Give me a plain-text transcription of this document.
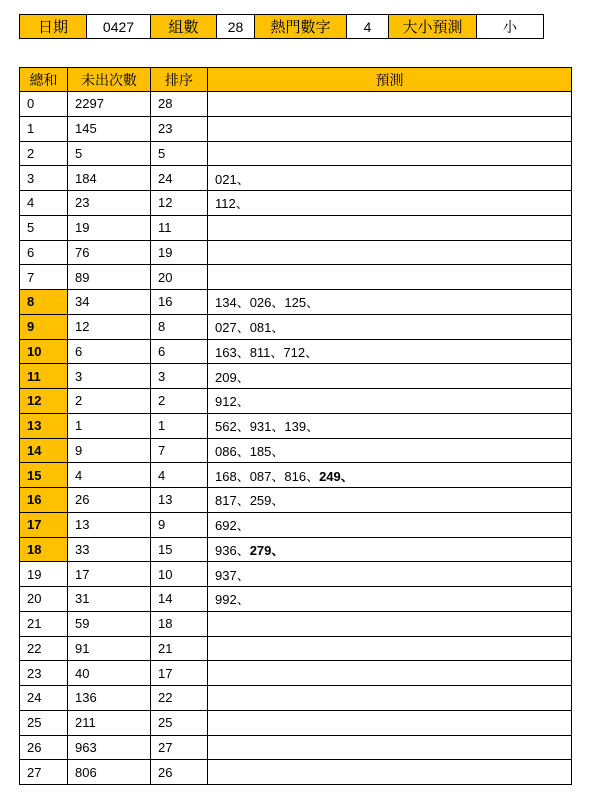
日期	0427	組數	28	熱門數字	4	大小預測	小
總和	未出次數	排序	預測
0	2297	28	
1	145	23	
2	5	5	
3	184	24	021、
4	23	12	112、
5	19	11	
6	76	19	
7	89	20	
8	34	16	134、026、125、
9	12	8	027、081、
10	6	6	163、811、712、
11	3	3	209、
12	2	2	912、
13	1	1	562、931、139、
14	9	7	086、185、
15	4	4	168、087、816、249、
16	26	13	817、259、
17	13	9	692、
18	33	15	936、279、
19	17	10	937、
20	31	14	992、
21	59	18	
22	91	21	
23	40	17	
24	136	22	
25	211	25	
26	963	27	
27	806	26	
